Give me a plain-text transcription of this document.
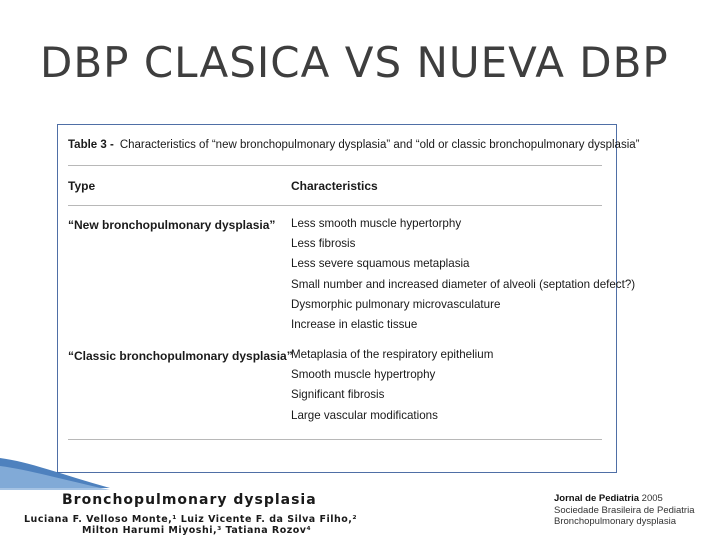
DBP CLASICA VS NUEVA DBP
Table 3 - Characteristics of “new bronchopulmonary dysplasia” and “old or classic bronchopulmonary dysplasia”
Type	Characteristics
“New bronchopulmonary dysplasia” Less smooth muscle hypertorphy
Less fibrosis
Less severe squamous metaplasia
Small number and increased diameter of alveoli (septation defect?)
Dysmorphic pulmonary microvasculature
Increase in elastic tissue
“Classic bronchopulmonary dysplasia”
Metaplasia of the respiratory epithelium
Smooth muscle hypertrophy
Significant fibrosis
Large vascular modifications
Bronchopulmonary dysplasia
Luciana F. Velloso Monte,¹ Luiz Vicente F. da Silva Filho,²
Milton Harumi Miyoshi,³ Tatiana Rozov⁴
Jornal de Pediatria 2005
Sociedade Brasileira de Pediatria
Bronchopulmonary dysplasia
